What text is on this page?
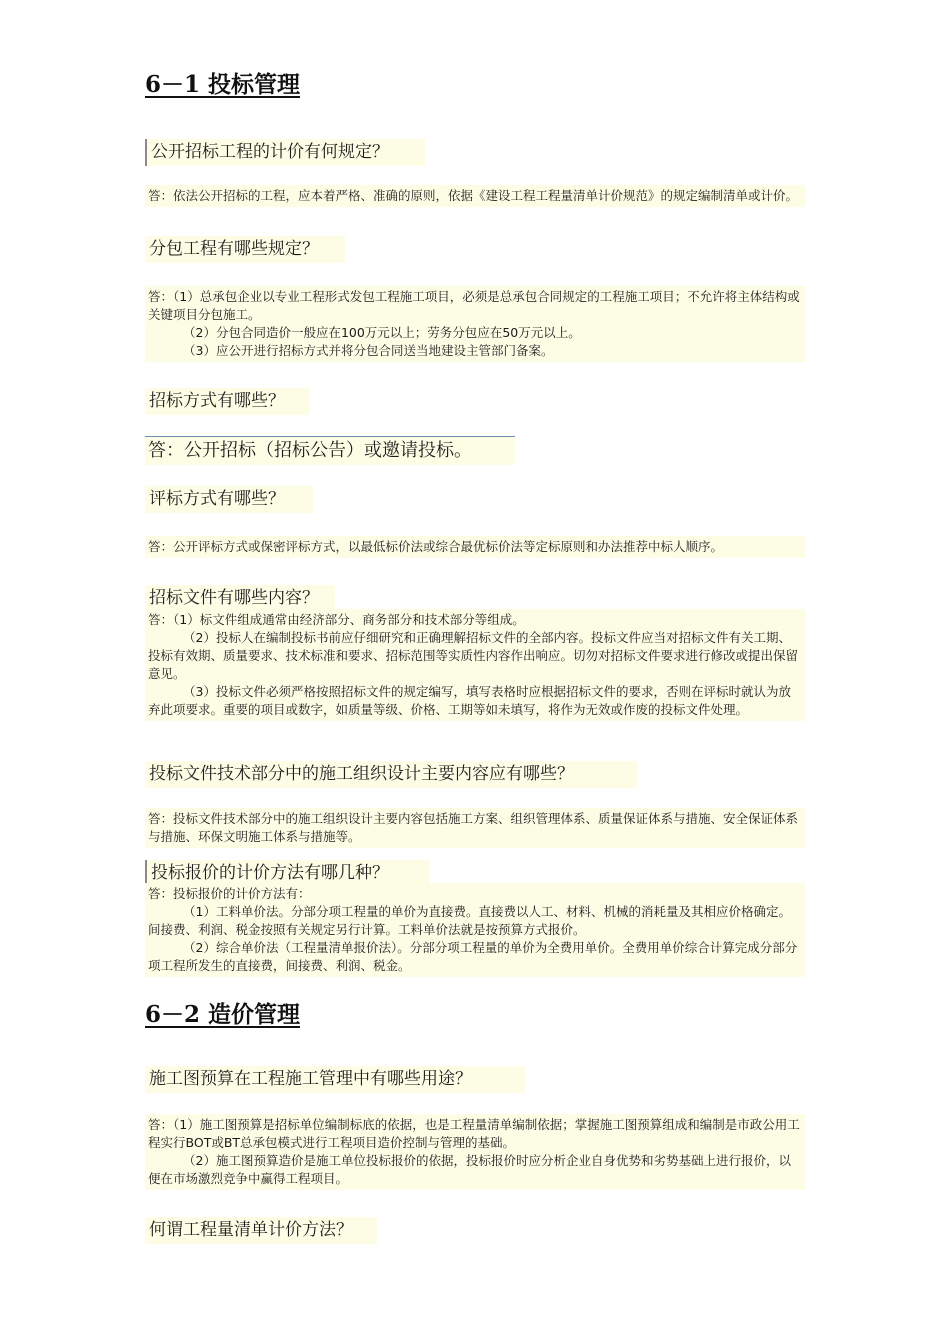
6－1 投标管理
公开招标工程的计价有何规定？

答：依法公开招标的工程，应本着严格、准确的原则，依据《建设工程工程量清单计价规范》的规定编制清单或计价。

分包工程有哪些规定？

答：（1）总承包企业以专业工程形式发包工程施工项目，必须是总承包合同规定的工程施工项目；不允许将主体结构或关键项目分包施工。

（2）分包合同造价一般应在100万元以上；劳务分包应在50万元以上。

（3）应公开进行招标方式并将分包合同送当地建设主管部门备案。

招标方式有哪些？

答：公开招标（招标公告）或邀请投标。

评标方式有哪些？

答：公开评标方式或保密评标方式，以最低标价法或综合最优标价法等定标原则和办法推荐中标人顺序。

招标文件有哪些内容？

答：（1）标文件组成通常由经济部分、商务部分和技术部分等组成。

（2）投标人在编制投标书前应仔细研究和正确理解招标文件的全部内容。投标文件应当对招标文件有关工期、投标有效期、质量要求、技术标准和要求、招标范围等实质性内容作出响应。切勿对招标文件要求进行修改或提出保留意见。

（3）投标文件必须严格按照招标文件的规定编写，填写表格时应根据招标文件的要求，否则在评标时就认为放弃此项要求。重要的项目或数字，如质量等级、价格、工期等如未填写，将作为无效或作废的投标文件处理。

投标文件技术部分中的施工组织设计主要内容应有哪些？

答：投标文件技术部分中的施工组织设计主要内容包括施工方案、组织管理体系、质量保证体系与措施、安全保证体系与措施、环保文明施工体系与措施等。

投标报价的计价方法有哪几种？

答：投标报价的计价方法有：

（1）工料单价法。分部分项工程量的单价为直接费。直接费以人工、材料、机械的消耗量及其相应价格确定。间接费、利润、税金按照有关规定另行计算。工料单价法就是按预算方式报价。

（2）综合单价法（工程量清单报价法）。分部分项工程量的单价为全费用单价。全费用单价综合计算完成分部分项工程所发生的直接费，间接费、利润、税金。

6－2 造价管理
施工图预算在工程施工管理中有哪些用途？

答：（1）施工图预算是招标单位编制标底的依据，也是工程量清单编制依据；掌握施工图预算组成和编制是市政公用工程实行BOT或BT总承包模式进行工程项目造价控制与管理的基础。

（2）施工图预算造价是施工单位投标报价的依据，投标报价时应分析企业自身优势和劣势基础上进行报价，以便在市场激烈竞争中赢得工程项目。

何谓工程量清单计价方法？
